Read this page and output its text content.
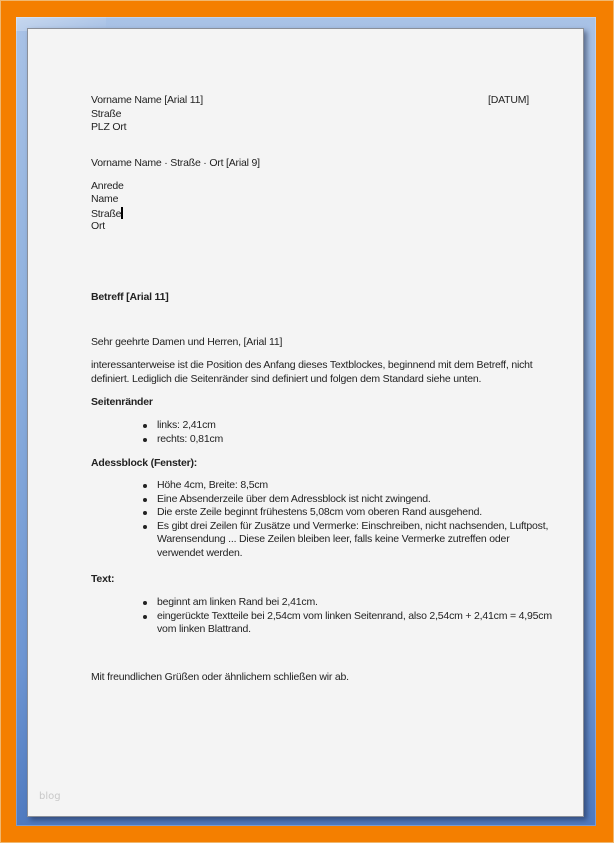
Vorname Name [Arial 11]
Straße
PLZ Ort
[DATUM]
Vorname Name · Straße · Ort [Arial 9]
Anrede
Name
Straße
Ort
Betreff [Arial 11]
Sehr geehrte Damen und Herren, [Arial 11]
interessanterweise ist die Position des Anfang dieses Textblockes, beginnend mit dem Betreff, nicht
definiert. Lediglich die Seitenränder sind definiert und folgen dem Standard siehe unten.
Seitenränder
links: 2,41cm
rechts: 0,81cm
Adessblock (Fenster):
Höhe 4cm, Breite: 8,5cm
Eine Absenderzeile über dem Adressblock ist nicht zwingend.
Die erste Zeile beginnt frühestens 5,08cm vom oberen Rand ausgehend.
Es gibt drei Zeilen für Zusätze und Vermerke: Einschreiben, nicht nachsenden, Luftpost,
Warensendung ... Diese Zeilen bleiben leer, falls keine Vermerke zutreffen oder
verwendet werden.
Text:
beginnt am linken Rand bei 2,41cm.
eingerückte Textteile bei 2,54cm vom linken Seitenrand, also 2,54cm + 2,41cm = 4,95cm
vom linken Blattrand.
Mit freundlichen Grüßen oder ähnlichem schließen wir ab.
blog
